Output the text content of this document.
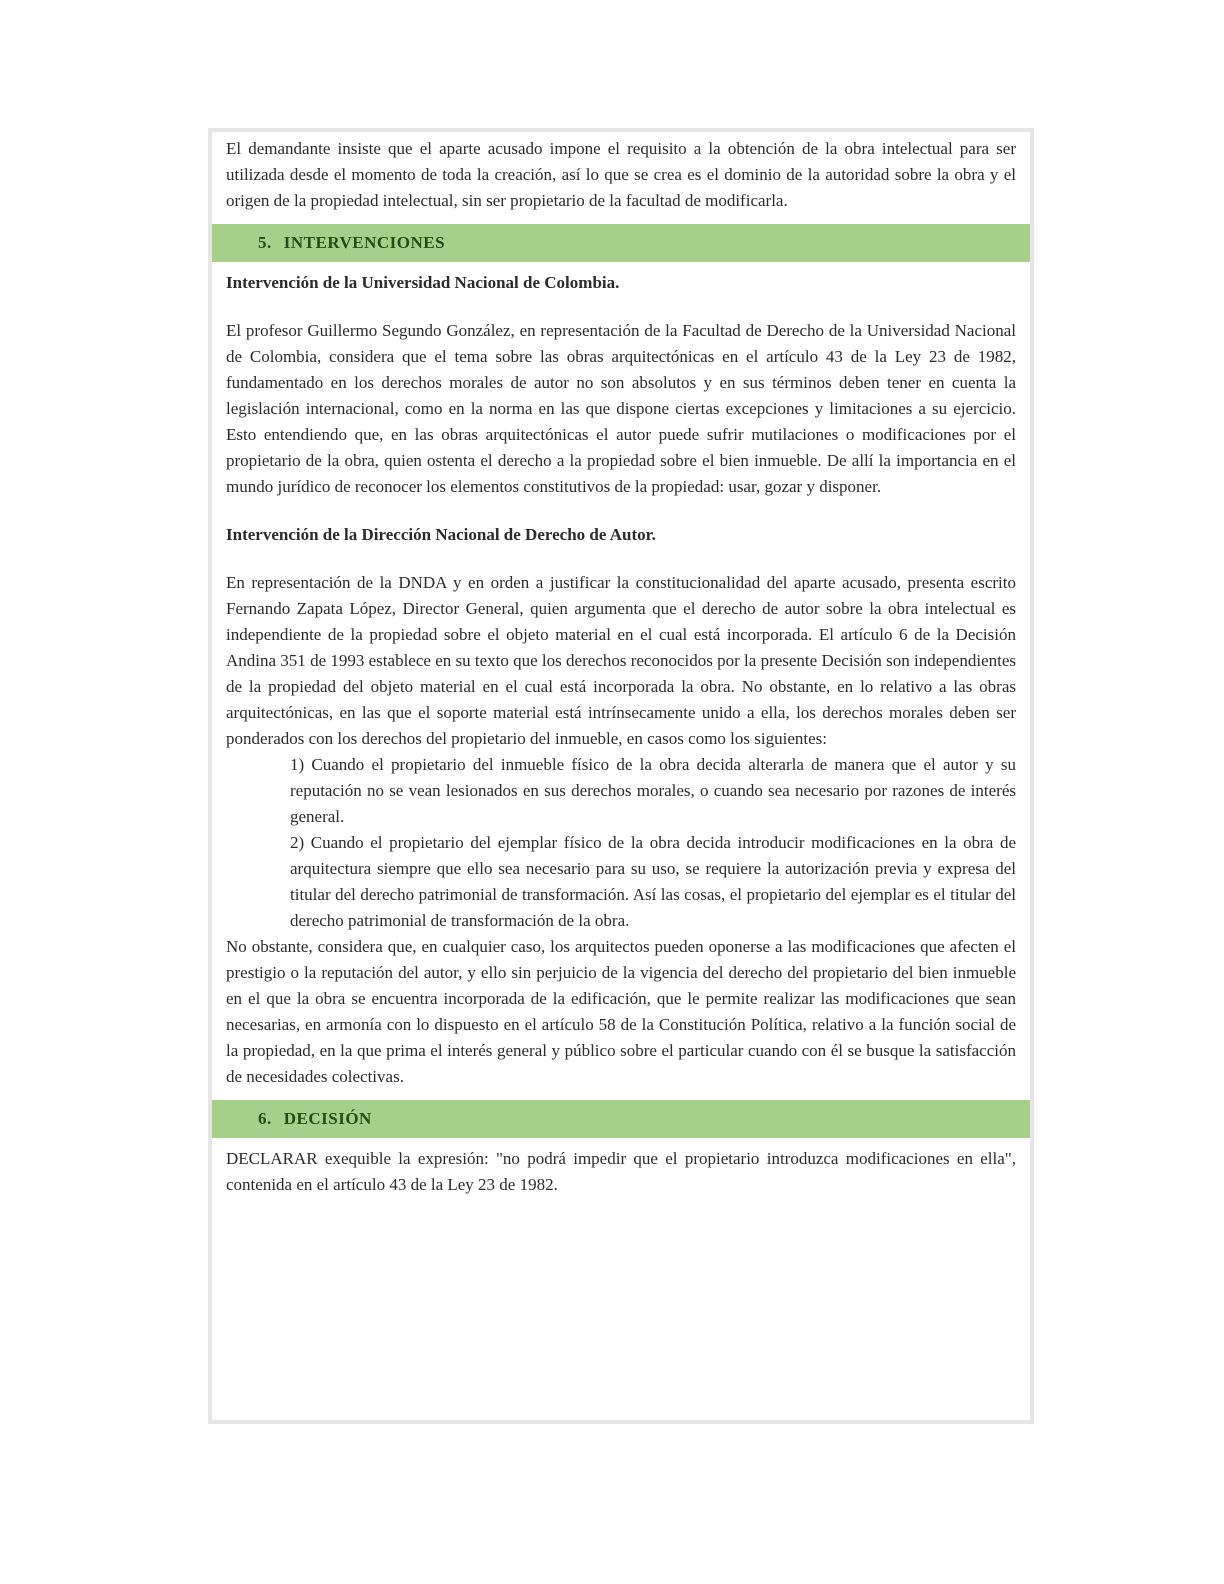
El demandante insiste que el aparte acusado impone el requisito a la obtención de la obra intelectual para ser utilizada desde el momento de toda la creación, así lo que se crea es el dominio de la autoridad sobre la obra y el origen de la propiedad intelectual, sin ser propietario de la facultad de modificarla.

5.
INTERVENCIONES

Intervención de la Universidad Nacional de Colombia.

El profesor Guillermo Segundo González, en representación de la Facultad de Derecho de la Universidad Nacional de Colombia, considera que el tema sobre las obras arquitectónicas en el artículo 43 de la Ley 23 de 1982, fundamentado en los derechos morales de autor no son absolutos y en sus términos deben tener en cuenta la legislación internacional, como en la norma en las que dispone ciertas excepciones y limitaciones a su ejercicio. Esto entendiendo que, en las obras arquitectónicas el autor puede sufrir mutilaciones o modificaciones por el propietario de la obra, quien ostenta el derecho a la propiedad sobre el bien inmueble. De allí la importancia en el mundo jurídico de reconocer los elementos constitutivos de la propiedad: usar, gozar y disponer.

Intervención de la Dirección Nacional de Derecho de Autor.

En representación de la DNDA y en orden a justificar la constitucionalidad del aparte acusado, presenta escrito Fernando Zapata López, Director General, quien argumenta que el derecho de autor sobre la obra intelectual es independiente de la propiedad sobre el objeto material en el cual está incorporada. El artículo 6 de la Decisión Andina 351 de 1993 establece en su texto que los derechos reconocidos por la presente Decisión son independientes de la propiedad del objeto material en el cual está incorporada la obra. No obstante, en lo relativo a las obras arquitectónicas, en las que el soporte material está intrínsecamente unido a ella, los derechos morales deben ser ponderados con los derechos del propietario del inmueble, en casos como los siguientes:

1) Cuando el propietario del inmueble físico de la obra decida alterarla de manera que el autor y su reputación no se vean lesionados en sus derechos morales, o cuando sea necesario por razones de interés general.

2) Cuando el propietario del ejemplar físico de la obra decida introducir modificaciones en la obra de arquitectura siempre que ello sea necesario para su uso, se requiere la autorización previa y expresa del titular del derecho patrimonial de transformación. Así las cosas, el propietario del ejemplar es el titular del derecho patrimonial de transformación de la obra.

No obstante, considera que, en cualquier caso, los arquitectos pueden oponerse a las modificaciones que afecten el prestigio o la reputación del autor, y ello sin perjuicio de la vigencia del derecho del propietario del bien inmueble en el que la obra se encuentra incorporada de la edificación, que le permite realizar las modificaciones que sean necesarias, en armonía con lo dispuesto en el artículo 58 de la Constitución Política, relativo a la función social de la propiedad, en la que prima el interés general y público sobre el particular cuando con él se busque la satisfacción de necesidades colectivas.

6.
DECISIÓN

DECLARAR exequible la expresión: "no podrá impedir que el propietario introduzca modificaciones en ella", contenida en el artículo 43 de la Ley 23 de 1982.
